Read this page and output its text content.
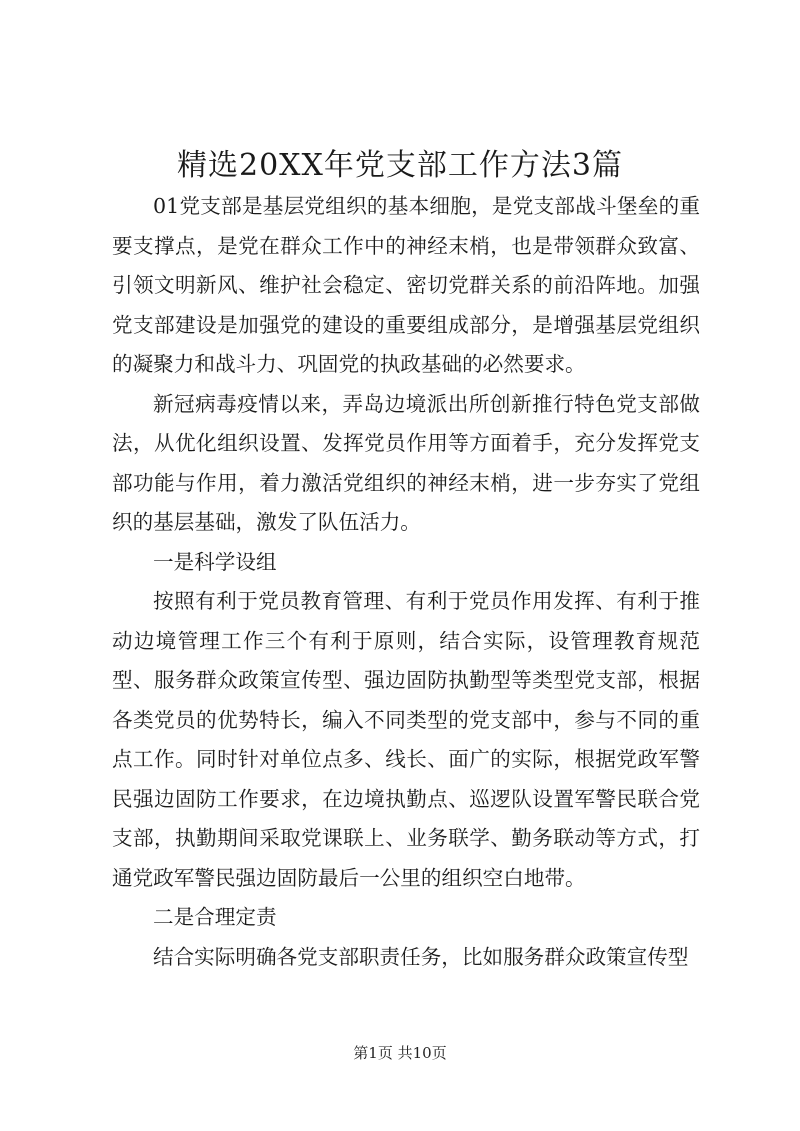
精选20XX年党支部工作方法3篇

01党支部是基层党组织的基本细胞，是党支部战斗堡垒的重要支撑点，是党在群众工作中的神经末梢，也是带领群众致富、引领文明新风、维护社会稳定、密切党群关系的前沿阵地。加强党支部建设是加强党的建设的重要组成部分，是增强基层党组织的凝聚力和战斗力、巩固党的执政基础的必然要求。

新冠病毒疫情以来，弄岛边境派出所创新推行特色党支部做法，从优化组织设置、发挥党员作用等方面着手，充分发挥党支部功能与作用，着力激活党组织的神经末梢，进一步夯实了党组织的基层基础，激发了队伍活力。

一是科学设组

按照有利于党员教育管理、有利于党员作用发挥、有利于推动边境管理工作三个有利于原则，结合实际，设管理教育规范型、服务群众政策宣传型、强边固防执勤型等类型党支部，根据各类党员的优势特长，编入不同类型的党支部中，参与不同的重点工作。同时针对单位点多、线长、面广的实际，根据党政军警民强边固防工作要求，在边境执勤点、巡逻队设置军警民联合党支部，执勤期间采取党课联上、业务联学、勤务联动等方式，打通党政军警民强边固防最后一公里的组织空白地带。

二是合理定责

结合实际明确各党支部职责任务，比如服务群众政策宣传型

第1页 共10页
